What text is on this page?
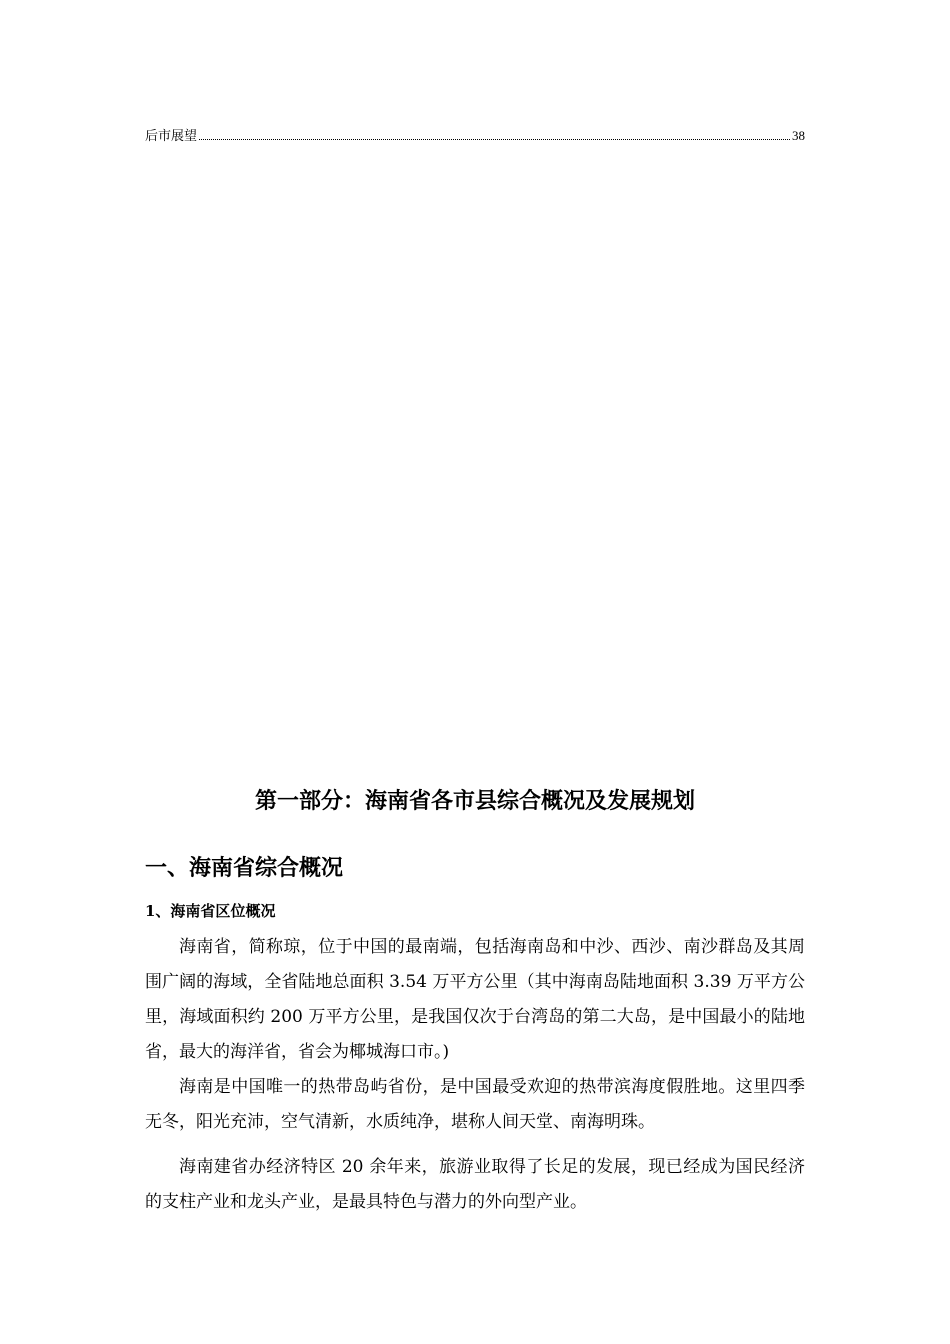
后市展望	38
第一部分：海南省各市县综合概况及发展规划
一、海南省综合概况
1、海南省区位概况

海南省，简称琼，位于中国的最南端，包括海南岛和中沙、西沙、南沙群岛及其周围广阔的海域，全省陆地总面积 3.54 万平方公里（其中海南岛陆地面积 3.39 万平方公里，海域面积约 200 万平方公里，是我国仅次于台湾岛的第二大岛，是中国最小的陆地省，最大的海洋省，省会为椰城海口市。)

海南是中国唯一的热带岛屿省份，是中国最受欢迎的热带滨海度假胜地。这里四季无冬，阳光充沛，空气清新，水质纯净，堪称人间天堂、南海明珠。

海南建省办经济特区 20 余年来，旅游业取得了长足的发展，现已经成为国民经济的支柱产业和龙头产业，是最具特色与潜力的外向型产业。
